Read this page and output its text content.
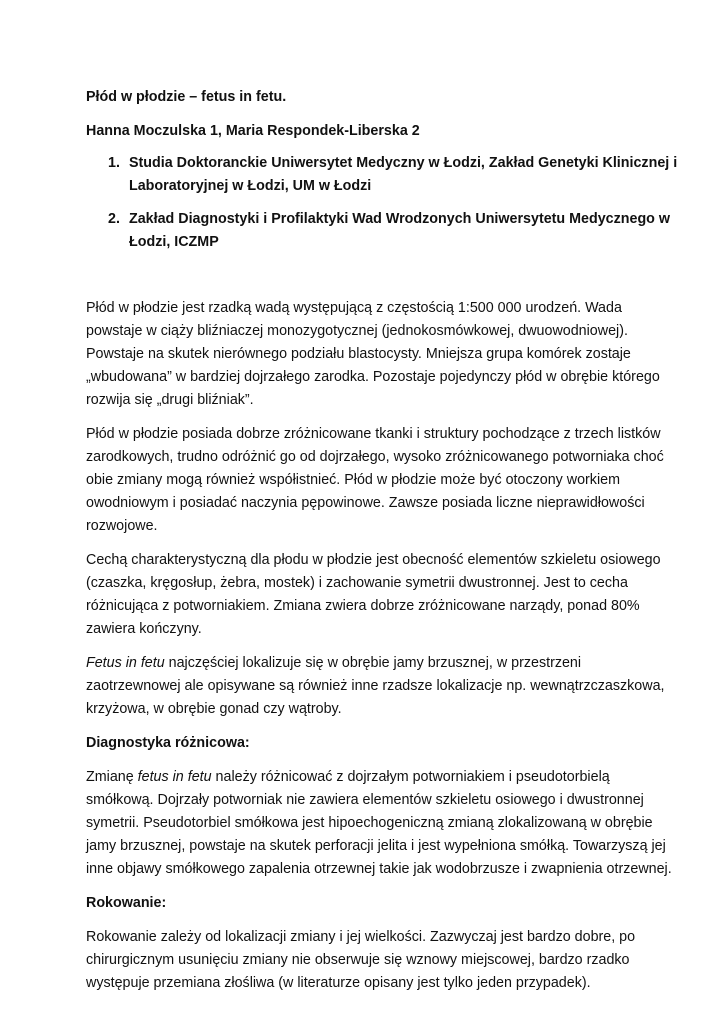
Płód w płodzie – fetus in fetu.
Hanna Moczulska 1, Maria Respondek-Liberska 2
1. Studia Doktoranckie Uniwersytet Medyczny w Łodzi, Zakład Genetyki Klinicznej i
Laboratoryjnej w Łodzi, UM w Łodzi
2. Zakład Diagnostyki i Profilaktyki Wad Wrodzonych Uniwersytetu Medycznego w
Łodzi, ICZMP
Płód w płodzie jest rzadką wadą występującą z częstością 1:500 000 urodzeń. Wada
powstaje w ciąży bliźniaczej monozygotycznej (jednokosmówkowej, dwuowodniowej).
Powstaje na skutek nierównego podziału blastocysty. Mniejsza grupa komórek zostaje
„wbudowana” w bardziej dojrzałego zarodka. Pozostaje pojedynczy płód w obrębie którego
rozwija się „drugi bliźniak”.
Płód w płodzie posiada dobrze zróżnicowane tkanki i struktury pochodzące z trzech listków
zarodkowych, trudno odróżnić go od dojrzałego, wysoko zróżnicowanego potworniaka choć
obie zmiany mogą również współistnieć. Płód w płodzie może być otoczony workiem
owodniowym i posiadać naczynia pępowinowe. Zawsze posiada liczne nieprawidłowości
rozwojowe.
Cechą charakterystyczną dla płodu w płodzie jest obecność elementów szkieletu osiowego
(czaszka, kręgosłup, żebra, mostek) i zachowanie symetrii dwustronnej. Jest to cecha
różnicująca z potworniakiem. Zmiana zwiera dobrze zróżnicowane narządy, ponad 80%
zawiera kończyny.
Fetus in fetu najczęściej lokalizuje się w obrębie jamy brzusznej, w przestrzeni
zaotrzewnowej ale opisywane są również inne rzadsze lokalizacje np. wewnątrzczaszkowa,
krzyżowa, w obrębie gonad czy wątroby.
Diagnostyka różnicowa:
Zmianę fetus in fetu należy różnicować z dojrzałym potworniakiem i pseudotorbielą
smółkową. Dojrzały potworniak nie zawiera elementów szkieletu osiowego i dwustronnej
symetrii. Pseudotorbiel smółkowa jest hipoechogeniczną zmianą zlokalizowaną w obrębie
jamy brzusznej, powstaje na skutek perforacji jelita i jest wypełniona smółką. Towarzyszą jej
inne objawy smółkowego zapalenia otrzewnej takie jak wodobrzusze i zwapnienia otrzewnej.
Rokowanie:
Rokowanie zależy od lokalizacji zmiany i jej wielkości. Zazwyczaj jest bardzo dobre, po
chirurgicznym usunięciu zmiany nie obserwuje się wznowy miejscowej, bardzo rzadko
występuje przemiana złośliwa (w literaturze opisany jest tylko jeden przypadek).
